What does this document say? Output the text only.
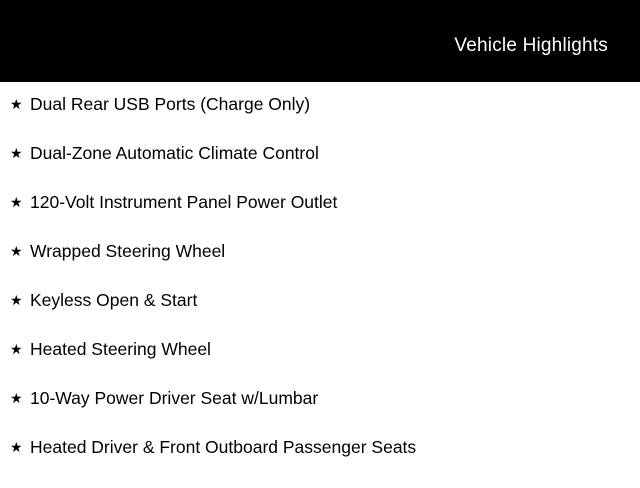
Vehicle Highlights
★ Dual Rear USB Ports (Charge Only)
★ Dual-Zone Automatic Climate Control
★ 120-Volt Instrument Panel Power Outlet
★ Wrapped Steering Wheel
★ Keyless Open & Start
★ Heated Steering Wheel
★ 10-Way Power Driver Seat w/Lumbar
★ Heated Driver & Front Outboard Passenger Seats
